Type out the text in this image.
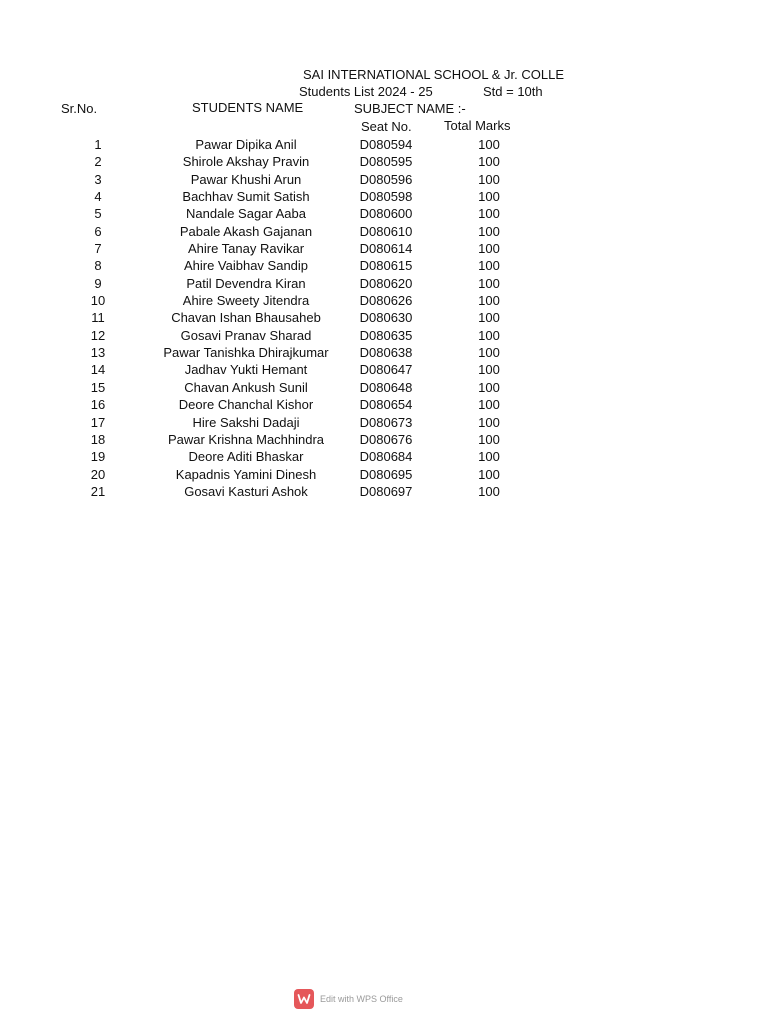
SAI INTERNATIONAL SCHOOL & Jr. COLLE
Students List 2024 - 25	Std = 10th
Sr.No.	STUDENTS NAME	SUBJECT NAME :-
Seat No. Total Marks
1	Pawar Dipika Anil	D080594	100
2	Shirole Akshay Pravin	D080595	100
3	Pawar Khushi Arun	D080596	100
4	Bachhav Sumit Satish	D080598	100
5	Nandale Sagar Aaba	D080600	100
6	Pabale Akash Gajanan	D080610	100
7	Ahire Tanay Ravikar	D080614	100
8	Ahire Vaibhav Sandip	D080615	100
9	Patil Devendra Kiran	D080620	100
10	Ahire Sweety Jitendra	D080626	100
11	Chavan Ishan Bhausaheb	D080630	100
12	Gosavi Pranav Sharad	D080635	100
13	Pawar Tanishka Dhirajkumar D080638	100
14	Jadhav Yukti Hemant	D080647	100
15	Chavan Ankush Sunil	D080648	100
16	Deore Chanchal Kishor	D080654	100
17	Hire Sakshi Dadaji	D080673	100
18	Pawar Krishna Machhindra	D080676	100
19	Deore Aditi Bhaskar	D080684	100
20	Kapadnis Yamini Dinesh	D080695	100
21	Gosavi Kasturi Ashok	D080697	100
Edit with WPS Office
